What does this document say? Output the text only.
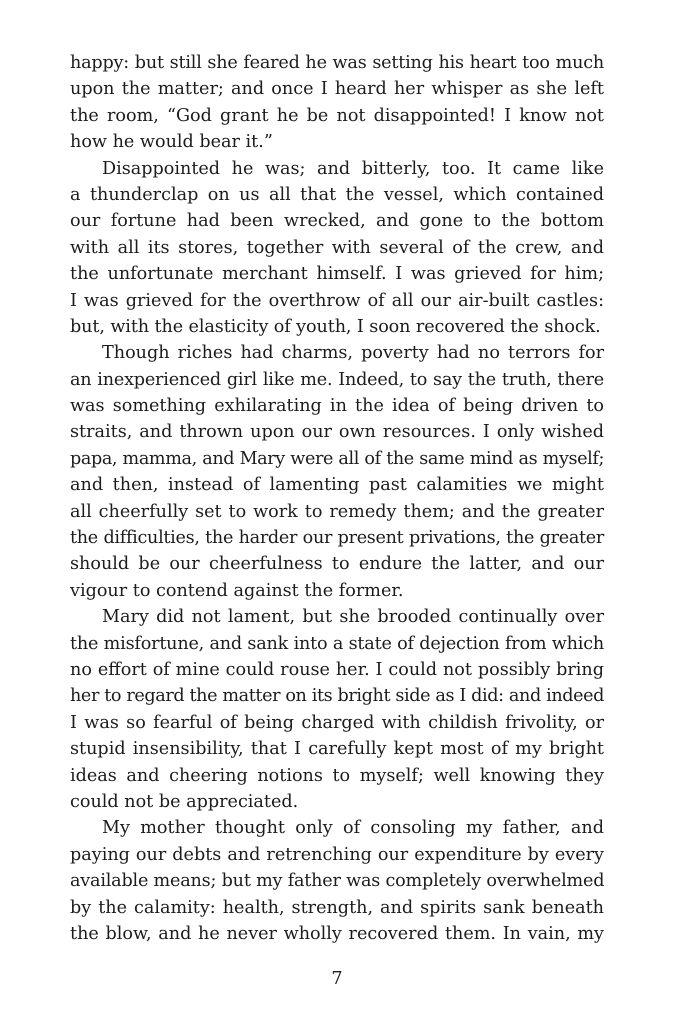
happy: but still she feared he was setting his heart too much
upon the matter; and once I heard her whisper as she left
the room, “God grant he be not disappointed! I know not
how he would bear it.”
Disappointed he was; and bitterly, too. It came like
a thunderclap on us all that the vessel, which contained
our fortune had been wrecked, and gone to the bottom
with all its stores, together with several of the crew, and
the unfortunate merchant himself. I was grieved for him;
I was grieved for the overthrow of all our air-built castles:
but, with the elasticity of youth, I soon recovered the shock.
Though riches had charms, poverty had no terrors for
an inexperienced girl like me. Indeed, to say the truth, there
was something exhilarating in the idea of being driven to
straits, and thrown upon our own resources. I only wished
papa, mamma, and Mary were all of the same mind as myself;
and then, instead of lamenting past calamities we might
all cheerfully set to work to remedy them; and the greater
the difficulties, the harder our present privations, the greater
should be our cheerfulness to endure the latter, and our
vigour to contend against the former.
Mary did not lament, but she brooded continually over
the misfortune, and sank into a state of dejection from which
no effort of mine could rouse her. I could not possibly bring
her to regard the matter on its bright side as I did: and indeed
I was so fearful of being charged with childish frivolity, or
stupid insensibility, that I carefully kept most of my bright
ideas and cheering notions to myself; well knowing they
could not be appreciated.
My mother thought only of consoling my father, and
paying our debts and retrenching our expenditure by every
available means; but my father was completely overwhelmed
by the calamity: health, strength, and spirits sank beneath
the blow, and he never wholly recovered them. In vain, my
7
